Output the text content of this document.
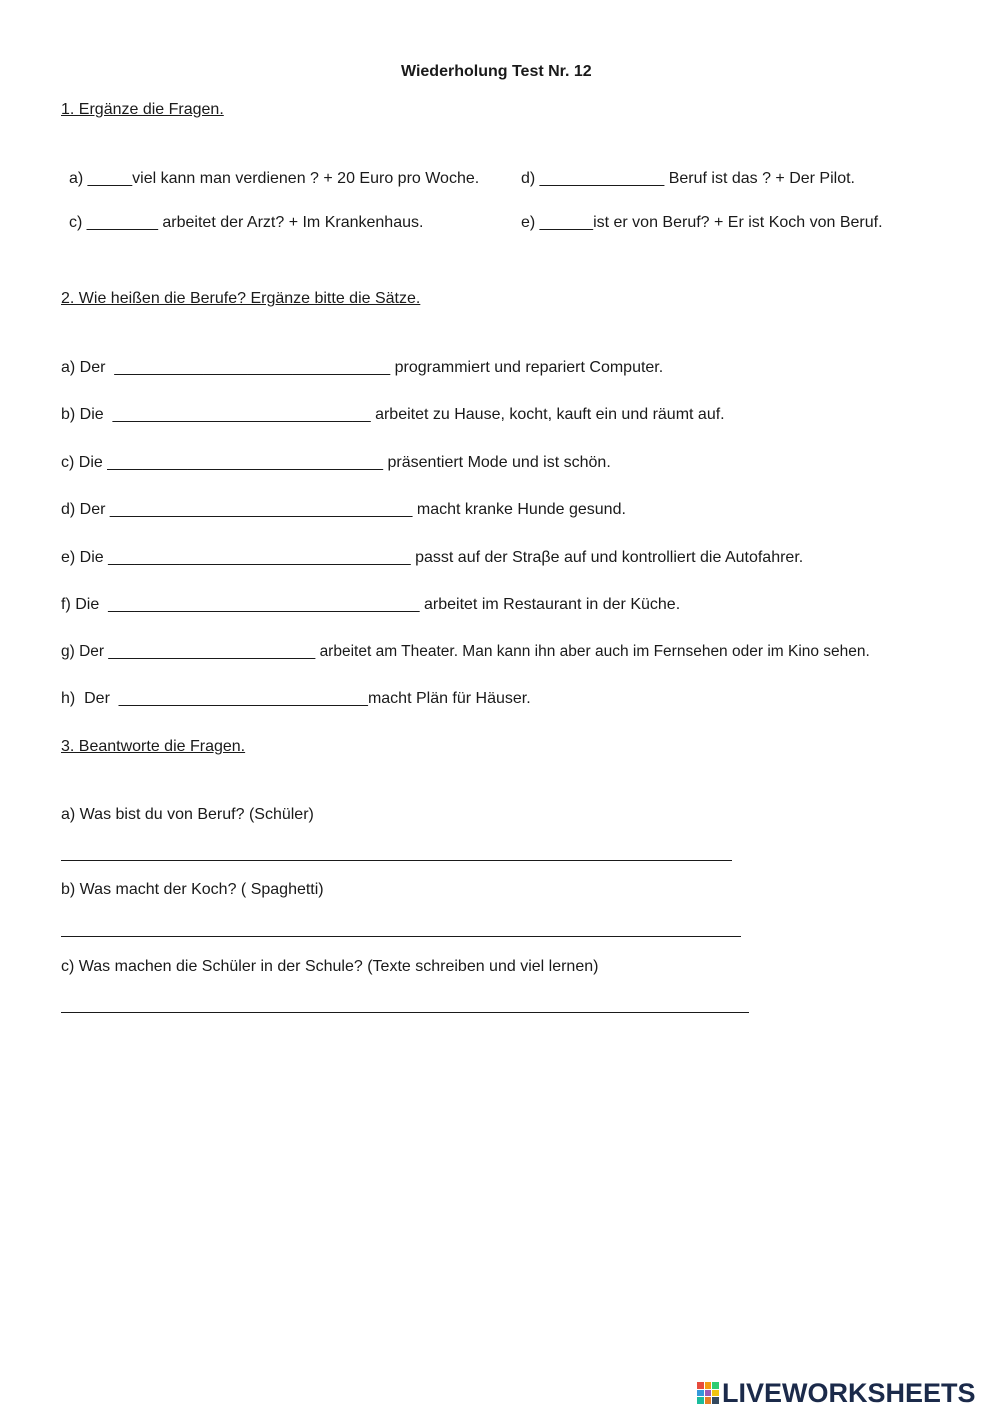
Wiederholung Test Nr. 12
1. Ergänze die Fragen.
a) _____viel kann man verdienen ? + 20 Euro pro Woche.	d) ______________ Beruf ist das ? + Der Pilot.
c) ________ arbeitet der Arzt? + Im Krankenhaus.	e) ______ist er von Beruf? + Er ist Koch von Beruf.
2. Wie heißen die Berufe? Ergänze bitte die Sätze.
a) Der  _______________________________ programmiert und repariert Computer.
b) Die  _____________________________ arbeitet zu Hause, kocht, kauft ein und räumt auf.
c) Die _______________________________ präsentiert Mode und ist schön.
d) Der __________________________________ macht kranke Hunde gesund.
e) Die __________________________________ passt auf der Straβe auf und kontrolliert die Autofahrer.
f) Die  ___________________________________ arbeitet im Restaurant in der Küche.
g) Der ________________________ arbeitet am Theater. Man kann ihn aber auch im Fernsehen oder im Kino sehen.
h)  Der  ____________________________macht Plän für Häuser.
3. Beantworte die Fragen.
a) Was bist du von Beruf? (Schüler)
b) Was macht der Koch? ( Spaghetti)
c) Was machen die Schüler in der Schule? (Texte schreiben und viel lernen)
LIVEWORKSHEETS
